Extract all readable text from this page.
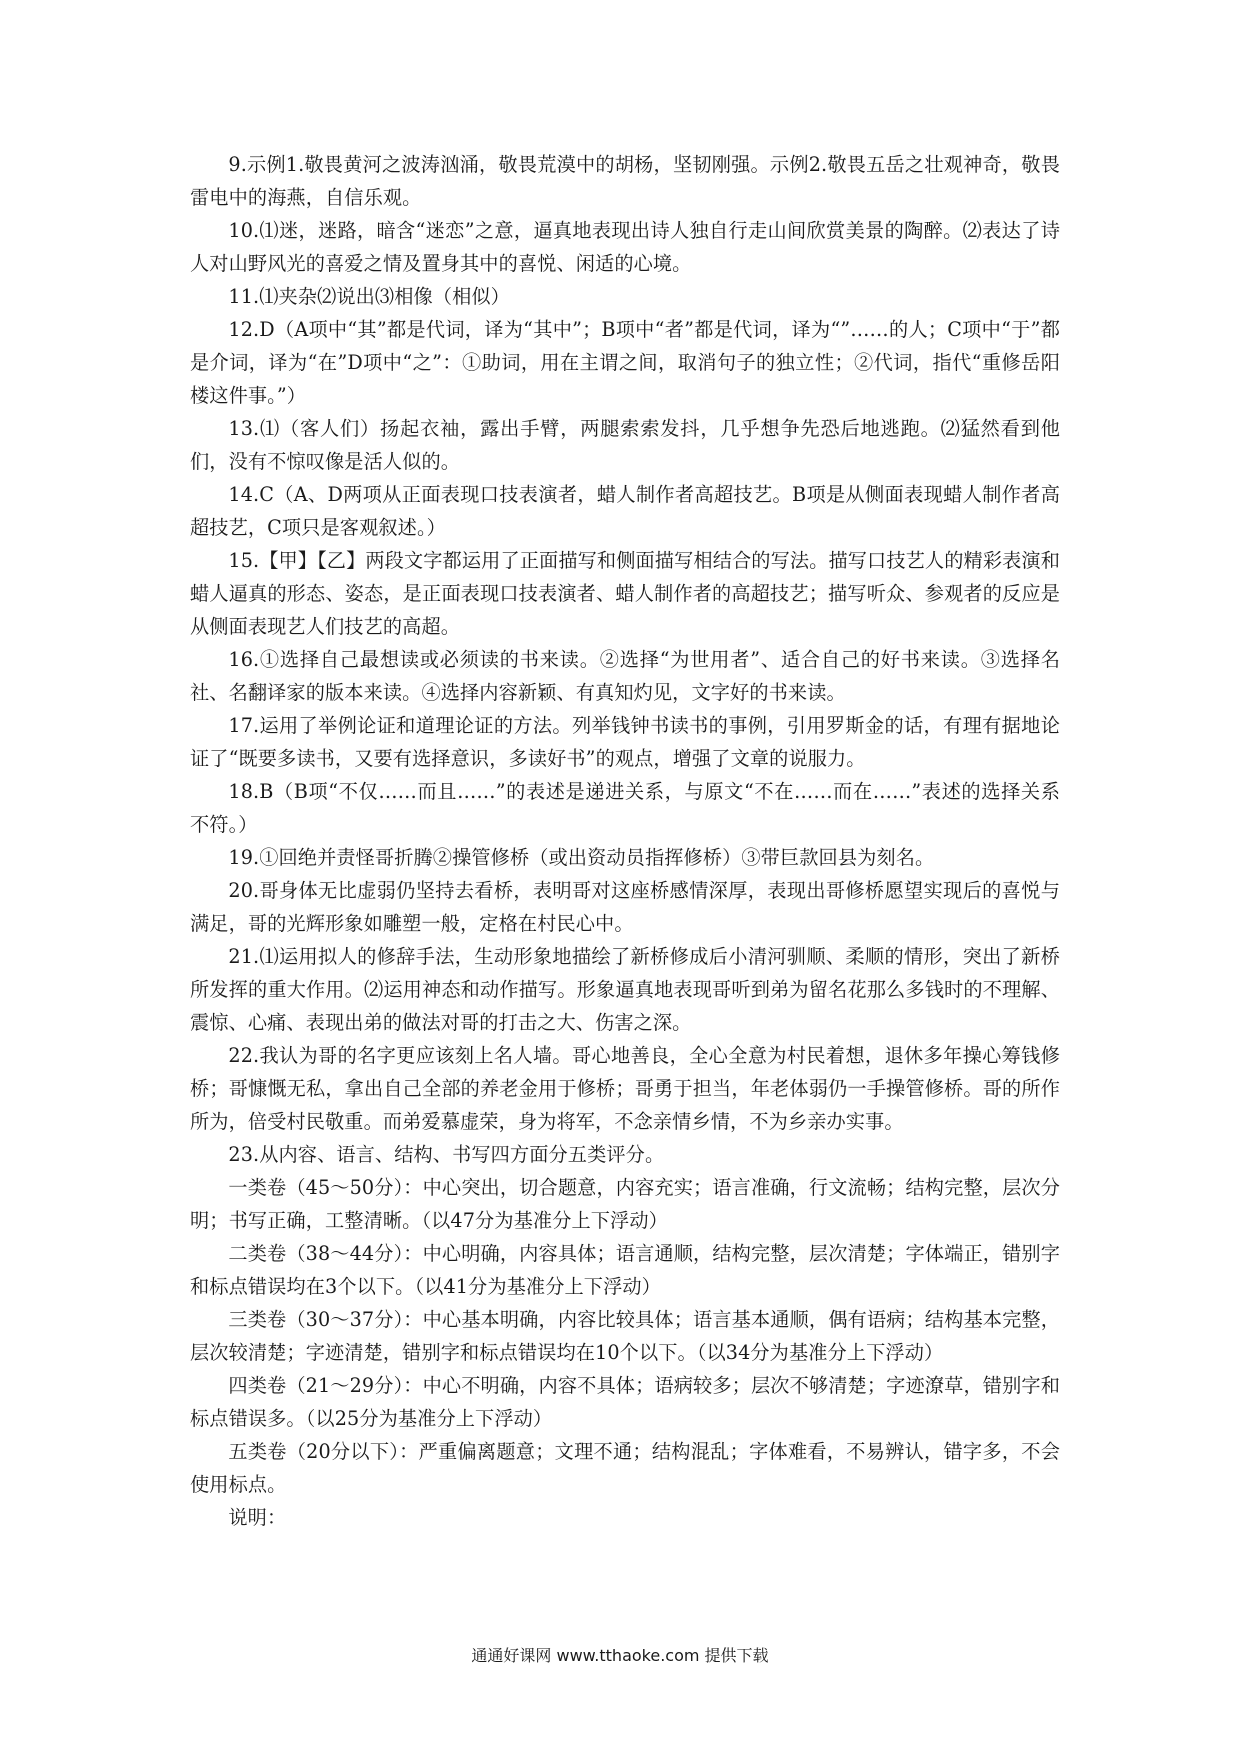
9.示例1.敬畏黄河之波涛汹涌，敬畏荒漠中的胡杨，坚韧刚强。示例2.敬畏五岳之壮观神奇，敬畏雷电中的海燕，自信乐观。

10.⑴迷，迷路，暗含“迷恋”之意，逼真地表现出诗人独自行走山间欣赏美景的陶醉。⑵表达了诗人对山野风光的喜爱之情及置身其中的喜悦、闲适的心境。

11.⑴夹杂⑵说出⑶相像（相似）

12.D（A项中“其”都是代词，译为“其中”；B项中“者”都是代词，译为“”……的人；C项中“于”都是介词，译为“在”D项中“之”：①助词，用在主谓之间，取消句子的独立性；②代词，指代“重修岳阳楼这件事。”）

13.⑴（客人们）扬起衣袖，露出手臂，两腿索索发抖，几乎想争先恐后地逃跑。⑵猛然看到他们，没有不惊叹像是活人似的。

14.C（A、D两项从正面表现口技表演者，蜡人制作者高超技艺。B项是从侧面表现蜡人制作者高超技艺，C项只是客观叙述。）

15.【甲】【乙】两段文字都运用了正面描写和侧面描写相结合的写法。描写口技艺人的精彩表演和蜡人逼真的形态、姿态，是正面表现口技表演者、蜡人制作者的高超技艺；描写听众、参观者的反应是从侧面表现艺人们技艺的高超。

16.①选择自己最想读或必须读的书来读。②选择“为世用者”、适合自己的好书来读。③选择名社、名翻译家的版本来读。④选择内容新颖、有真知灼见，文字好的书来读。

17.运用了举例论证和道理论证的方法。列举钱钟书读书的事例，引用罗斯金的话，有理有据地论证了“既要多读书，又要有选择意识，多读好书”的观点，增强了文章的说服力。

18.B（B项“不仅……而且……”的表述是递进关系，与原文“不在……而在……”表述的选择关系不符。）

19.①回绝并责怪哥折腾②操管修桥（或出资动员指挥修桥）③带巨款回县为刻名。

20.哥身体无比虚弱仍坚持去看桥，表明哥对这座桥感情深厚，表现出哥修桥愿望实现后的喜悦与满足，哥的光辉形象如雕塑一般，定格在村民心中。

21.⑴运用拟人的修辞手法，生动形象地描绘了新桥修成后小清河驯顺、柔顺的情形，突出了新桥所发挥的重大作用。⑵运用神态和动作描写。形象逼真地表现哥听到弟为留名花那么多钱时的不理解、震惊、心痛、表现出弟的做法对哥的打击之大、伤害之深。

22.我认为哥的名字更应该刻上名人墙。哥心地善良，全心全意为村民着想，退休多年操心筹钱修桥；哥慷慨无私，拿出自己全部的养老金用于修桥；哥勇于担当，年老体弱仍一手操管修桥。哥的所作所为，倍受村民敬重。而弟爱慕虚荣，身为将军，不念亲情乡情，不为乡亲办实事。

23.从内容、语言、结构、书写四方面分五类评分。

一类卷（45～50分）：中心突出，切合题意，内容充实；语言准确，行文流畅；结构完整，层次分明；书写正确，工整清晰。（以47分为基准分上下浮动）

二类卷（38～44分）：中心明确，内容具体；语言通顺，结构完整，层次清楚；字体端正，错别字和标点错误均在3个以下。（以41分为基准分上下浮动）

三类卷（30～37分）：中心基本明确，内容比较具体；语言基本通顺，偶有语病；结构基本完整，层次较清楚；字迹清楚，错别字和标点错误均在10个以下。（以34分为基准分上下浮动）

四类卷（21～29分）：中心不明确，内容不具体；语病较多；层次不够清楚；字迹潦草，错别字和标点错误多。（以25分为基准分上下浮动）

五类卷（20分以下）：严重偏离题意；文理不通；结构混乱；字体难看，不易辨认，错字多，不会使用标点。

说明：

通通好课网 www.tthaoke.com 提供下载
